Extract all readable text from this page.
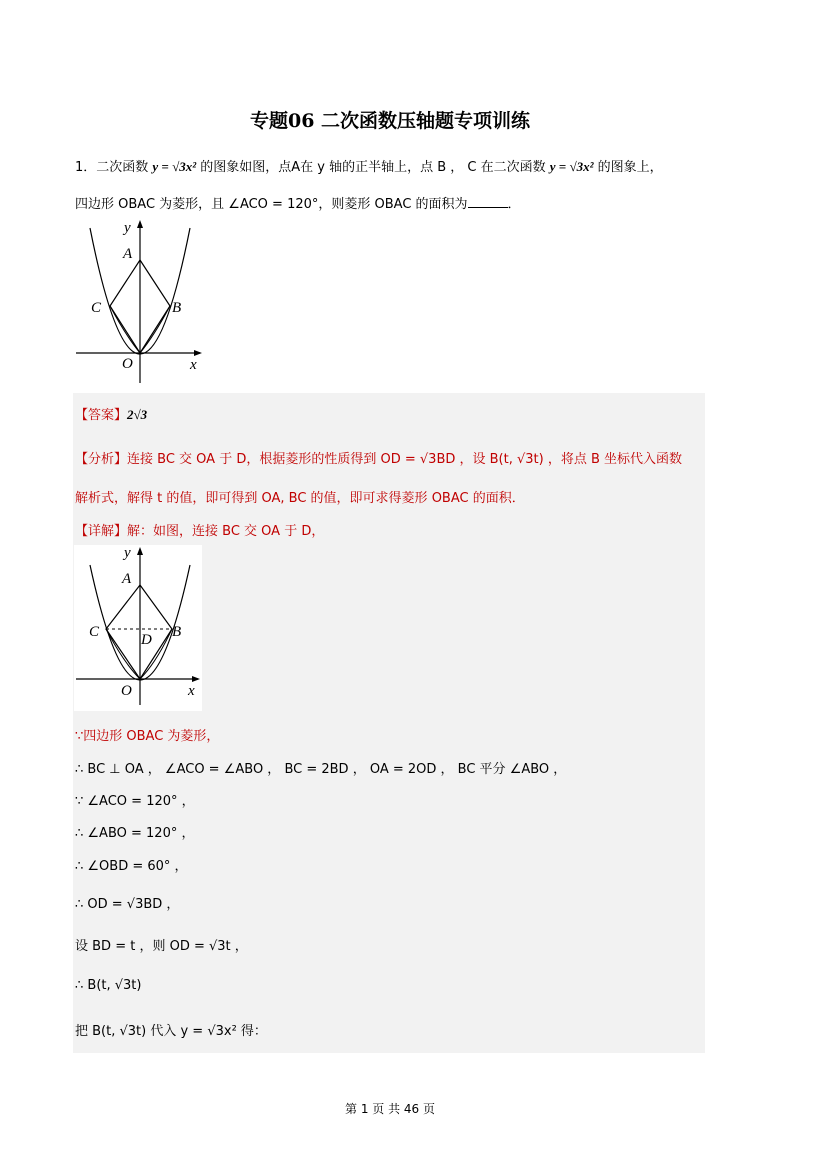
专题06 二次函数压轴题专项训练
1．二次函数 y = √3x² 的图象如图，点A在 y 轴的正半轴上，点 B ， C 在二次函数 y = √3x² 的图象上，
四边形 OBAC 为菱形，且 ∠ACO = 120°，则菱形 OBAC 的面积为	．
y
x
A
B
C
O
【答案】2√3
【分析】连接 BC 交 OA 于 D，根据菱形的性质得到 OD = √3BD ，设 B(t, √3t) ，将点 B 坐标代入函数
解析式，解得 t 的值，即可得到 OA, BC 的值，即可求得菱形 OBAC 的面积．
【详解】解：如图，连接 BC 交 OA 于 D，
y
x
A
B
C	D
O
∵四边形 OBAC 为菱形，
∴ BC ⊥ OA ， ∠ACO = ∠ABO ， BC = 2BD ， OA = 2OD ， BC 平分 ∠ABO ，
∵ ∠ACO = 120° ，
∴ ∠ABO = 120° ，
∴ ∠OBD = 60° ，
∴ OD = √3BD ，
设 BD = t ，则 OD = √3t ，
∴ B(t, √3t)
把 B(t, √3t) 代入 y = √3x² 得：
第 1 页 共 46 页
